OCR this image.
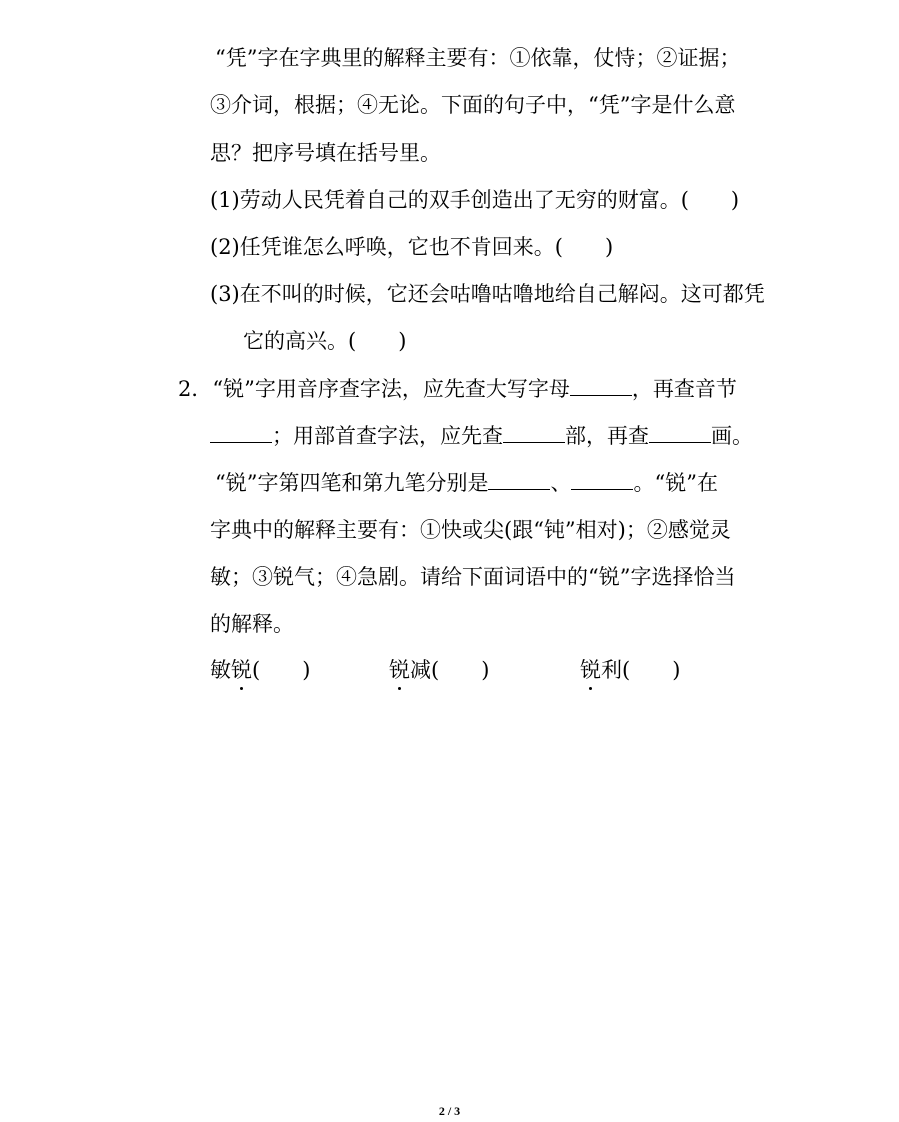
“凭”字在字典里的解释主要有：①依靠，仗恃；②证据；
③介词，根据；④无论。下面的句子中，“凭”字是什么意
思？把序号填在括号里。
(1)劳动人民凭着自己的双手创造出了无穷的财富。(　　)
(2)任凭谁怎么呼唤，它也不肯回来。(　　)
(3)在不叫的时候，它还会咕噜咕噜地给自己解闷。这可都凭
它的高兴。(　　)
2．“锐”字用音序查字法，应先查大写字母	，再查音节
；用部首查字法，应先查	部，再查	画。
“锐”字第四笔和第九笔分别是	、	。“锐”在
字典中的解释主要有：①快或尖(跟“钝”相对)；②感觉灵
敏；③锐气；④急剧。请给下面词语中的“锐”字选择恰当
的解释。
敏锐(　　)	锐减(　　)	锐利(　　)
2 / 3
